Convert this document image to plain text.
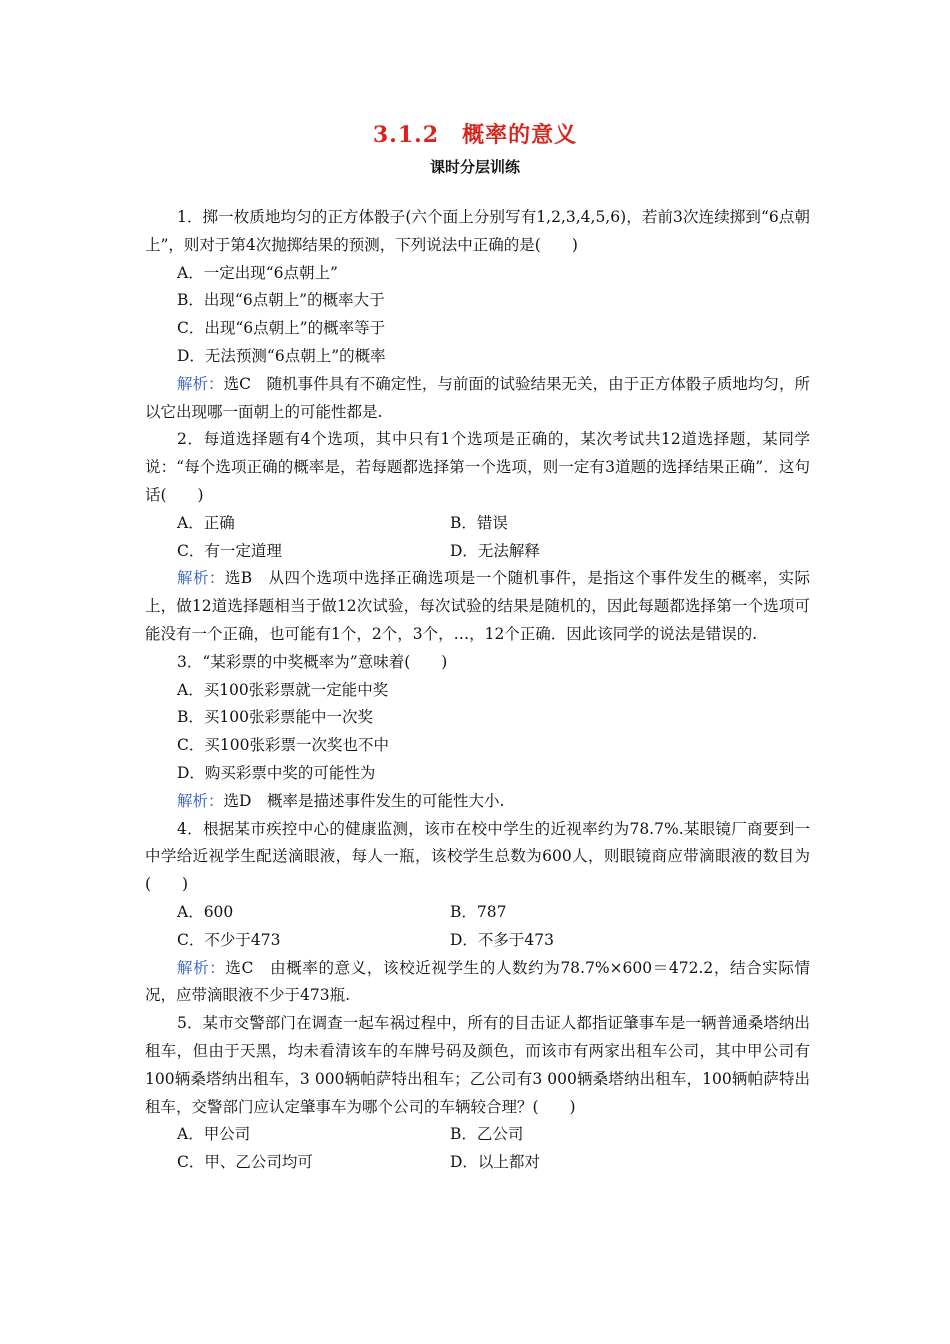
3.1.2　概率的意义
课时分层训练

1．掷一枚质地均匀的正方体骰子(六个面上分别写有1,2,3,4,5,6)，若前3次连续掷到“6点朝上”，则对于第4次抛掷结果的预测，下列说法中正确的是(　　)

A．一定出现“6点朝上”

B．出现“6点朝上”的概率大于

C．出现“6点朝上”的概率等于

D．无法预测“6点朝上”的概率

解析：选C　随机事件具有不确定性，与前面的试验结果无关，由于正方体骰子质地均匀，所以它出现哪一面朝上的可能性都是.

2．每道选择题有4个选项，其中只有1个选项是正确的，某次考试共12道选择题，某同学说：“每个选项正确的概率是，若每题都选择第一个选项，则一定有3道题的选择结果正确”．这句话(　　)

A．正确	B．错误
C．有一定道理	D．无法解释

解析：选B　从四个选项中选择正确选项是一个随机事件，是指这个事件发生的概率，实际上，做12道选择题相当于做12次试验，每次试验的结果是随机的，因此每题都选择第一个选项可能没有一个正确，也可能有1个，2个，3个，…，12个正确．因此该同学的说法是错误的.

3．“某彩票的中奖概率为”意味着(　　)

A．买100张彩票就一定能中奖

B．买100张彩票能中一次奖

C．买100张彩票一次奖也不中

D．购买彩票中奖的可能性为

解析：选D　概率是描述事件发生的可能性大小.

4．根据某市疾控中心的健康监测，该市在校中学生的近视率约为78.7%.某眼镜厂商要到一中学给近视学生配送滴眼液，每人一瓶，该校学生总数为600人，则眼镜商应带滴眼液的数目为(　　)

A．600	B．787
C．不少于473	D．不多于473

解析：选C　由概率的意义，该校近视学生的人数约为78.7%×600＝472.2，结合实际情况，应带滴眼液不少于473瓶.

5．某市交警部门在调查一起车祸过程中，所有的目击证人都指证肇事车是一辆普通桑塔纳出租车，但由于天黑，均未看清该车的车牌号码及颜色，而该市有两家出租车公司，其中甲公司有100辆桑塔纳出租车，3 000辆帕萨特出租车；乙公司有3 000辆桑塔纳出租车，100辆帕萨特出租车，交警部门应认定肇事车为哪个公司的车辆较合理？(　　)

A．甲公司	B．乙公司
C．甲、乙公司均可	D．以上都对
